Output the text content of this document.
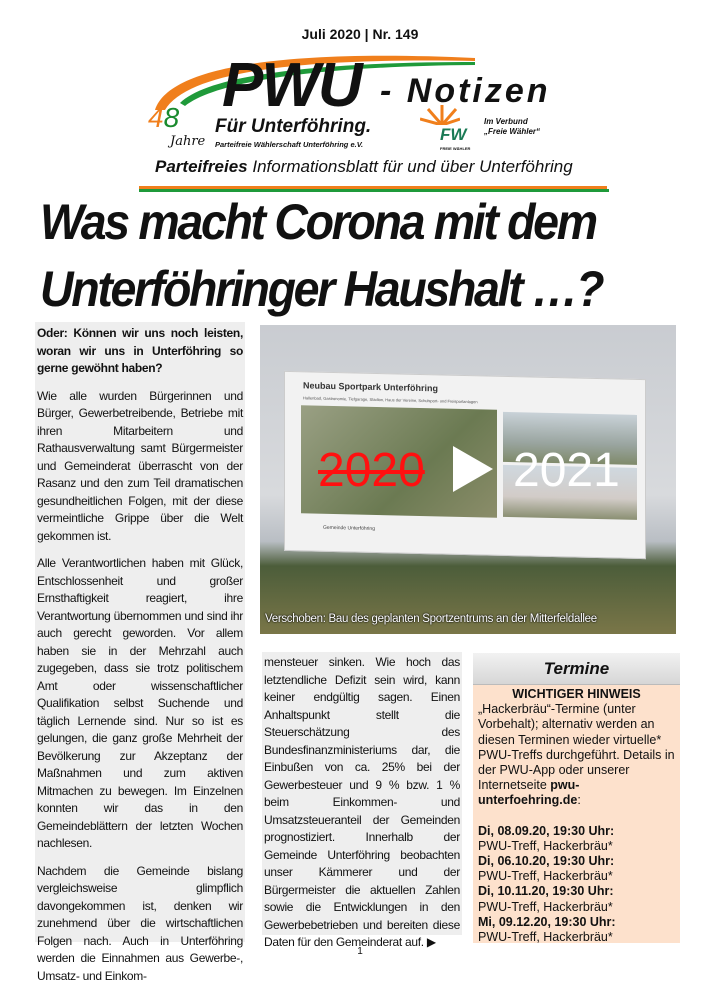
Juli 2020 | Nr. 149
PWU - Notizen
48
Jahre
Für Unterföhring.
Parteifreie Wählerschaft Unterföhring e.V.
FW
FREIE WÄHLER
Im Verbund
„Freie Wähler“
Parteifreies Informationsblatt für und über Unterföhring
Was macht Corona mit dem
Unterföhringer Haushalt …?

Oder: Können wir uns noch leisten, woran wir uns in Unterföhring so gerne gewöhnt haben?

Wie alle wurden Bürgerinnen und Bürger, Gewerbetreibende, Betriebe mit ihren Mitarbeitern und Rathausverwaltung samt Bürgermeister und Gemeinderat überrascht von der Rasanz und den zum Teil dramatischen gesundheitlichen Folgen, mit der diese vermeintliche Grippe über die Welt gekommen ist.

Alle Verantwortlichen haben mit Glück, Entschlossenheit und großer Ernsthaftigkeit reagiert, ihre Verantwortung übernommen und sind ihr auch gerecht geworden. Vor allem haben sie in der Mehrzahl auch zugegeben, dass sie trotz politischem Amt oder wissenschaftlicher Qualifikation selbst Suchende und täglich Lernende sind. Nur so ist es gelungen, die ganz große Mehrheit der Bevölkerung zur Akzeptanz der Maßnahmen und zum aktiven Mitmachen zu bewegen. Im Einzelnen konnten wir das in den Gemeindeblättern der letzten Wochen nachlesen.

Nachdem die Gemeinde bislang vergleichsweise glimpflich davongekommen ist, denken wir zunehmend über die wirtschaftlichen Folgen nach. Auch in Unterföhring werden die Einnahmen aus Gewerbe-, Umsatz- und Einkom-

Neubau Sportpark Unterföhring
Hallenbad, Gastronomie, Tiefgarage, Stadion, Haus der Vereine, Schulsport- und Freisportanlagen
Gemeinde Unterföhring
2020 2021
Verschoben: Bau des geplanten Sportzentrums an der Mitterfeldallee
mensteuer sinken. Wie hoch das letztendliche Defizit sein wird, kann keiner endgültig sagen. Einen Anhaltspunkt stellt die Steuerschätzung des Bundesfinanzministeriums dar, die Einbußen von ca. 25% bei der Gewerbesteuer und 9 % bzw. 1 % beim Einkommen- und Umsatzsteueranteil der Gemeinden prognostiziert. Innerhalb der Gemeinde Unterföhring beobachten unser Kämmerer und der Bürgermeister die aktuellen Zahlen sowie die Entwicklungen in den Gewerbebetrieben und bereiten diese Daten für den Gemeinderat auf. ▶
Termine
WICHTIGER HINWEIS
„Hackerbräu“-Termine (unter Vorbehalt); alternativ werden an diesen Terminen wieder virtuelle* PWU-Treffs durchgeführt. Details in der PWU-App oder unserer Internetseite pwu-unterfoehring.de:
Di, 08.09.20, 19:30 Uhr:
PWU-Treff, Hackerbräu*
Di, 06.10.20, 19:30 Uhr:
PWU-Treff, Hackerbräu*
Di, 10.11.20, 19:30 Uhr:
PWU-Treff, Hackerbräu*
Mi, 09.12.20, 19:30 Uhr:
PWU-Treff, Hackerbräu*
1
